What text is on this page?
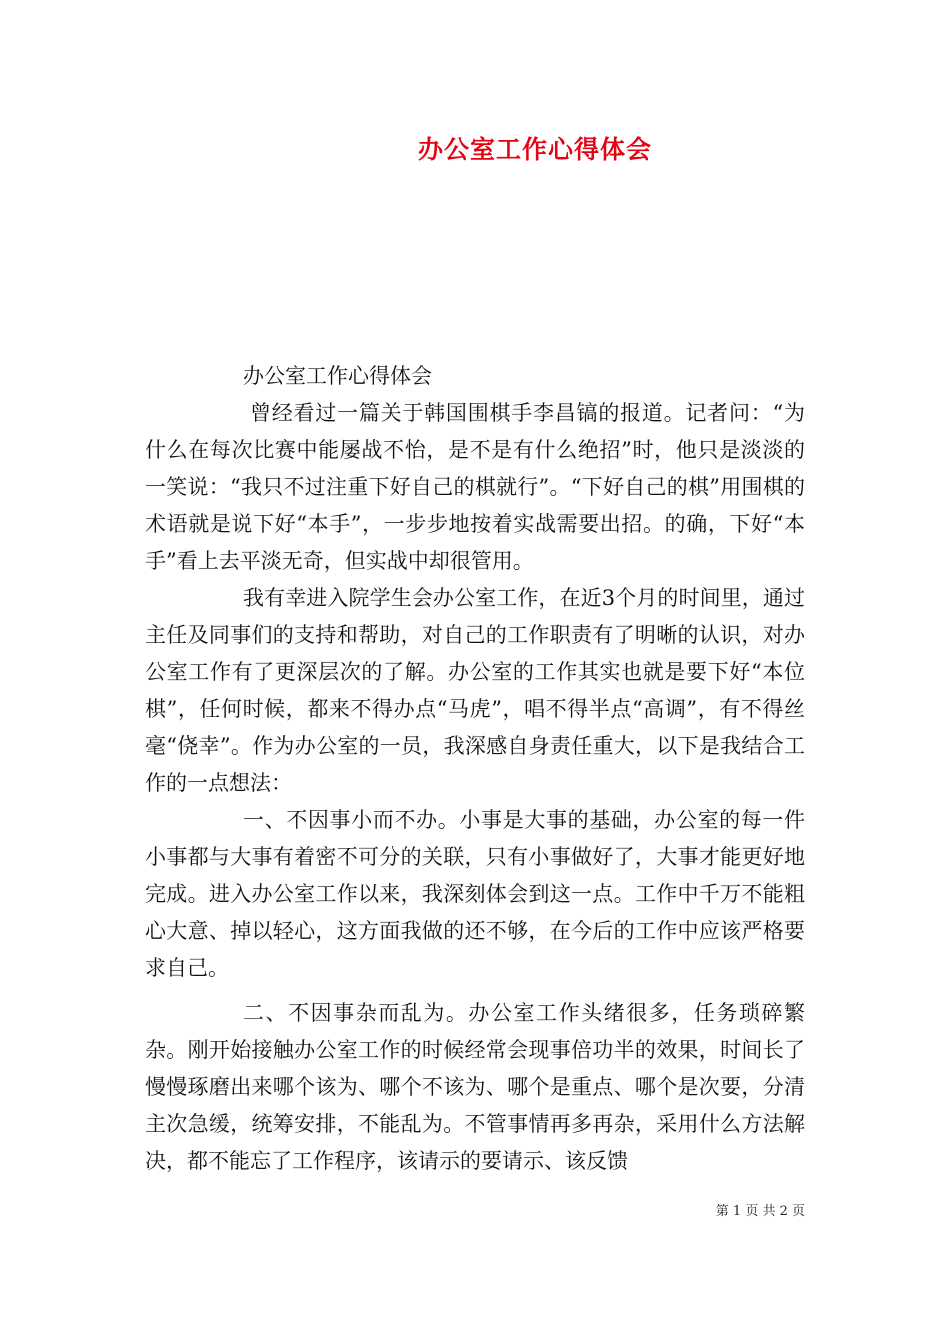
办公室工作心得体会

办公室工作心得体会

曾经看过一篇关于韩国围棋手李昌镐的报道。记者问：“为什么在每次比赛中能屡战不怡，是不是有什么绝招”时，他只是淡淡的一笑说：“我只不过注重下好自己的棋就行”。“下好自己的棋”用围棋的术语就是说下好“本手”，一步步地按着实战需要出招。的确，下好“本手”看上去平淡无奇，但实战中却很管用。

我有幸进入院学生会办公室工作，在近3个月的时间里，通过主任及同事们的支持和帮助，对自己的工作职责有了明晰的认识，对办公室工作有了更深层次的了解。办公室的工作其实也就是要下好“本位棋”，任何时候，都来不得办点“马虎”，唱不得半点“高调”，有不得丝毫“侥幸”。作为办公室的一员，我深感自身责任重大，以下是我结合工作的一点想法：

一、不因事小而不办。小事是大事的基础，办公室的每一件小事都与大事有着密不可分的关联，只有小事做好了，大事才能更好地完成。进入办公室工作以来，我深刻体会到这一点。工作中千万不能粗心大意、掉以轻心，这方面我做的还不够，在今后的工作中应该严格要求自己。

二、不因事杂而乱为。办公室工作头绪很多，任务琐碎繁杂。刚开始接触办公室工作的时候经常会现事倍功半的效果，时间长了慢慢琢磨出来哪个该为、哪个不该为、哪个是重点、哪个是次要，分清主次急缓，统筹安排，不能乱为。不管事情再多再杂，采用什么方法解决，都不能忘了工作程序，该请示的要请示、该反馈

第 1 页 共 2 页
